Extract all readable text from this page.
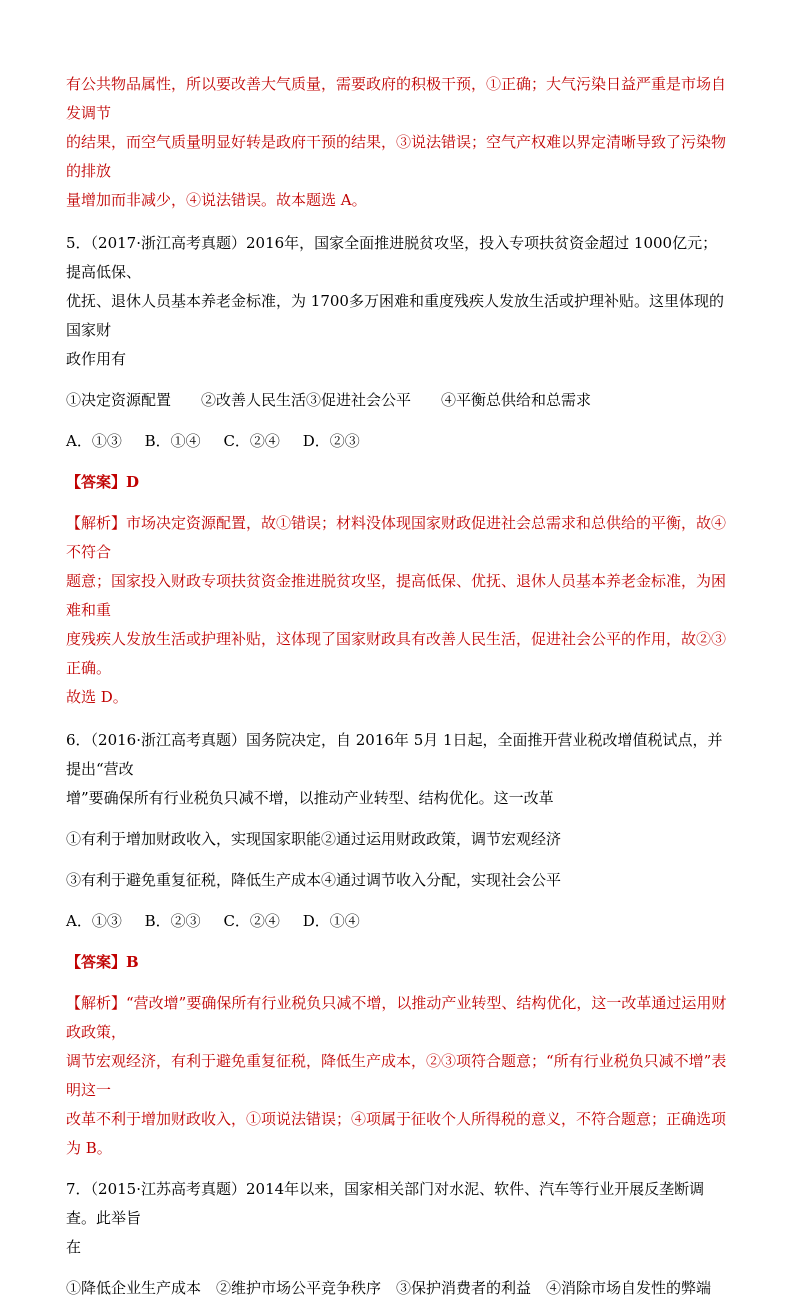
有公共物品属性，所以要改善大气质量，需要政府的积极干预，①正确；大气污染日益严重是市场自发调节

的结果，而空气质量明显好转是政府干预的结果，③说法错误；空气产权难以界定清晰导致了污染物的排放

量增加而非减少，④说法错误。故本题选 A。

5．（2017·浙江高考真题）2016年，国家全面推进脱贫攻坚，投入专项扶贫资金超过 1000亿元；提高低保、

优抚、退休人员基本养老金标准，为 1700多万困难和重度残疾人发放生活或护理补贴。这里体现的国家财

政作用有

①决定资源配置　　②改善人民生活③促进社会公平　　④平衡总供给和总需求

A．①③ B．①④ C．②④ D．②③

【答案】D

【解析】市场决定资源配置，故①错误；材料没体现国家财政促进社会总需求和总供给的平衡，故④不符合

题意；国家投入财政专项扶贫资金推进脱贫攻坚，提高低保、优抚、退休人员基本养老金标准，为困难和重

度残疾人发放生活或护理补贴，这体现了国家财政具有改善人民生活，促进社会公平的作用，故②③正确。

故选 D。

6．（2016·浙江高考真题）国务院决定，自 2016年 5月 1日起，全面推开营业税改增值税试点，并提出“营改

增”要确保所有行业税负只减不增，以推动产业转型、结构优化。这一改革

①有利于增加财政收入，实现国家职能②通过运用财政政策，调节宏观经济

③有利于避免重复征税，降低生产成本④通过调节收入分配，实现社会公平

A．①③ B．②③ C．②④ D．①④

【答案】B

【解析】“营改增”要确保所有行业税负只减不增，以推动产业转型、结构优化，这一改革通过运用财政政策，

调节宏观经济，有利于避免重复征税，降低生产成本，②③项符合题意；“所有行业税负只减不增”表明这一

改革不利于增加财政收入，①项说法错误；④项属于征收个人所得税的意义，不符合题意；正确选项为 B。

7．（2015·江苏高考真题）2014年以来，国家相关部门对水泥、软件、汽车等行业开展反垄断调查。此举旨

在

①降低企业生产成本　②维护市场公平竞争秩序　③保护消费者的利益　④消除市场自发性的弊端
